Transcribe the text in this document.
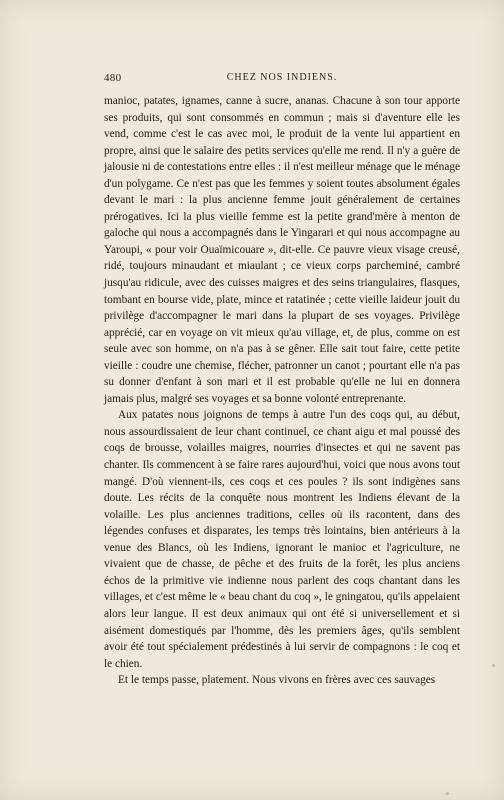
480	CHEZ NOS INDIENS.

manioc, patates, ignames, canne à sucre, ananas. Chacune à son tour apporte ses produits, qui sont consommés en commun ; mais si d'aventure elle les vend, comme c'est le cas avec moi, le produit de la vente lui appartient en propre, ainsi que le salaire des petits services qu'elle me rend. Il n'y a guère de jalousie ni de contestations entre elles : il n'est meilleur ménage que le ménage d'un polygame. Ce n'est pas que les femmes y soient toutes absolument égales devant le mari : la plus ancienne femme jouit généralement de certaines prérogatives. Ici la plus vieille femme est la petite grand'mère à menton de galoche qui nous a accompagnés dans le Yingarari et qui nous accompagne au Yaroupi, « pour voir Ouaïmicouare », dit-elle. Ce pauvre vieux visage creusé, ridé, toujours minaudant et miaulant ; ce vieux corps parcheminé, cambré jusqu'au ridicule, avec des cuisses maigres et des seins triangulaires, flasques, tombant en bourse vide, plate, mince et ratatinée ; cette vieille laideur jouit du privilège d'accompagner le mari dans la plupart de ses voyages. Privilège apprécié, car en voyage on vit mieux qu'au village, et, de plus, comme on est seule avec son homme, on n'a pas à se gêner. Elle sait tout faire, cette petite vieille : coudre une chemise, flécher, patronner un canot ; pourtant elle n'a pas su donner d'enfant à son mari et il est probable qu'elle ne lui en donnera jamais plus, malgré ses voyages et sa bonne volonté entreprenante.

Aux patates nous joignons de temps à autre l'un des coqs qui, au début, nous assourdissaient de leur chant continuel, ce chant aigu et mal poussé des coqs de brousse, volailles maigres, nourries d'insectes et qui ne savent pas chanter. Ils commencent à se faire rares aujourd'hui, voici que nous avons tout mangé. D'où viennent-ils, ces coqs et ces poules ? ils sont indigènes sans doute. Les récits de la conquête nous montrent les Indiens élevant de la volaille. Les plus anciennes traditions, celles où ils racontent, dans des légendes confuses et disparates, les temps très lointains, bien antérieurs à la venue des Blancs, où les Indiens, ignorant le manioc et l'agriculture, ne vivaient que de chasse, de pêche et des fruits de la forêt, les plus anciens échos de la primitive vie indienne nous parlent des coqs chantant dans les villages, et c'est même le « beau chant du coq », le gningatou, qu'ils appelaient alors leur langue. Il est deux animaux qui ont été si universellement et si aisément domestiqués par l'homme, dès les premiers âges, qu'ils semblent avoir été tout spécialement prédestinés à lui servir de compagnons : le coq et le chien.

Et le temps passe, platement. Nous vivons en frères avec ces sauvages
